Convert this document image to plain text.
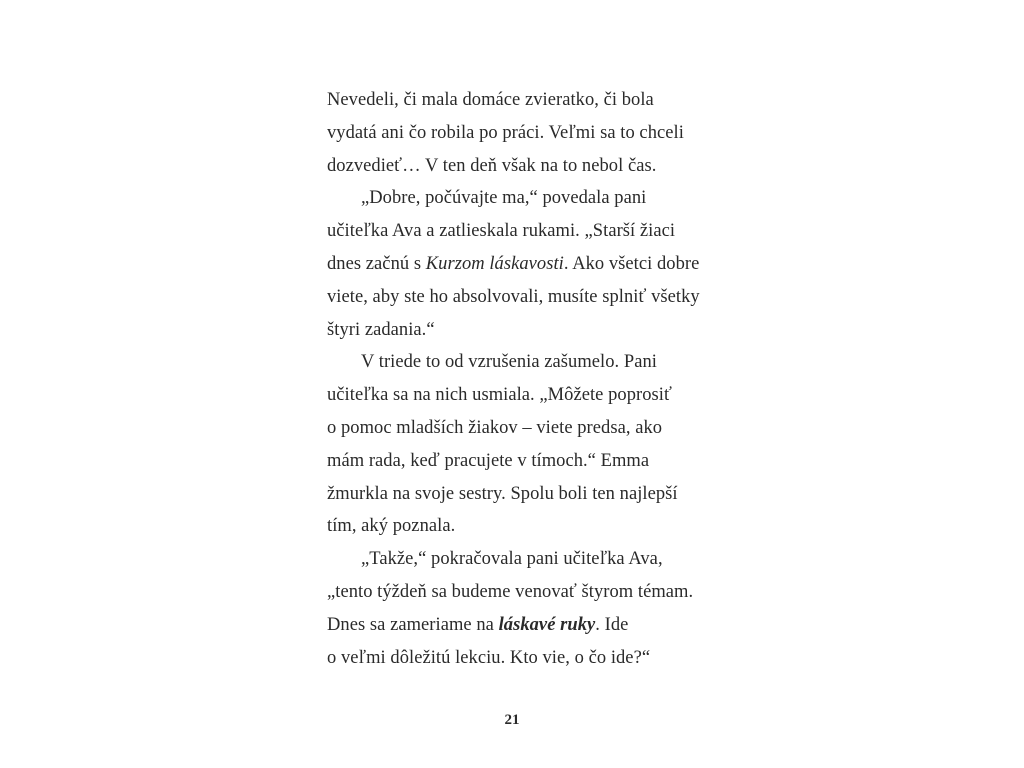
Nevedeli, či mala domáce zvieratko, či bola
vydatá ani čo robila po práci. Veľmi sa to chceli
dozvedieť… V ten deň však na to nebol čas.
„Dobre, počúvajte ma,“ povedala pani
učiteľka Ava a zatlieskala rukami. „Starší žiaci
dnes začnú s Kurzom láskavosti. Ako všetci dobre
viete, aby ste ho absolvovali, musíte splniť všetky
štyri zadania.“
V triede to od vzrušenia zašumelo. Pani
učiteľka sa na nich usmiala. „Môžete poprosiť
o pomoc mladších žiakov – viete predsa, ako
mám rada, keď pracujete v tímoch.“ Emma
žmurkla na svoje sestry. Spolu boli ten najlepší
tím, aký poznala.
„Takže,“ pokračovala pani učiteľka Ava,
„tento týždeň sa budeme venovať štyrom témam.
Dnes sa zameriame na láskavé ruky. Ide
o veľmi dôležitú lekciu. Kto vie, o čo ide?“
21
